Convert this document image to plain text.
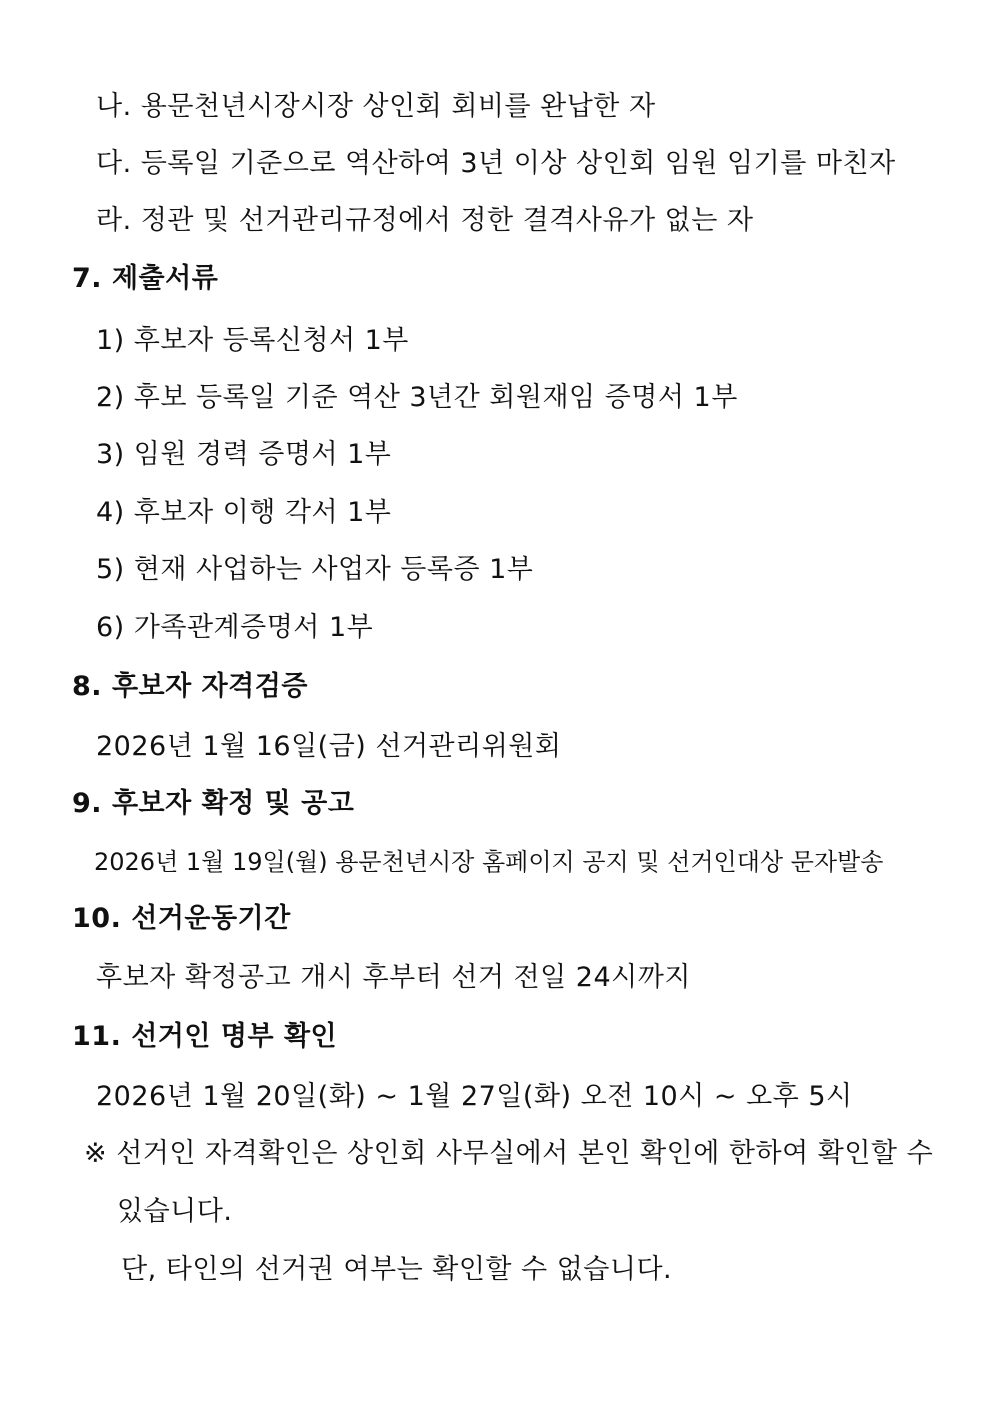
나. 용문천년시장시장 상인회 회비를 완납한 자
다. 등록일 기준으로 역산하여 3년 이상 상인회 임원 임기를 마친자
라. 정관 및 선거관리규정에서 정한 결격사유가 없는 자
7. 제출서류
1) 후보자 등록신청서 1부
2) 후보 등록일 기준 역산 3년간 회원재임 증명서 1부
3) 임원 경력 증명서 1부
4) 후보자 이행 각서 1부
5) 현재 사업하는 사업자 등록증 1부
6) 가족관계증명서 1부
8. 후보자 자격검증
2026년 1월 16일(금) 선거관리위원회
9. 후보자 확정 및 공고
2026년 1월 19일(월) 용문천년시장 홈페이지 공지 및 선거인대상 문자발송
10. 선거운동기간
후보자 확정공고 개시 후부터 선거 전일 24시까지
11. 선거인 명부 확인
2026년 1월 20일(화) ~ 1월 27일(화) 오전 10시 ~ 오후 5시
※ 선거인 자격확인은 상인회 사무실에서 본인 확인에 한하여 확인할 수
있습니다.
단, 타인의 선거권 여부는 확인할 수 없습니다.
